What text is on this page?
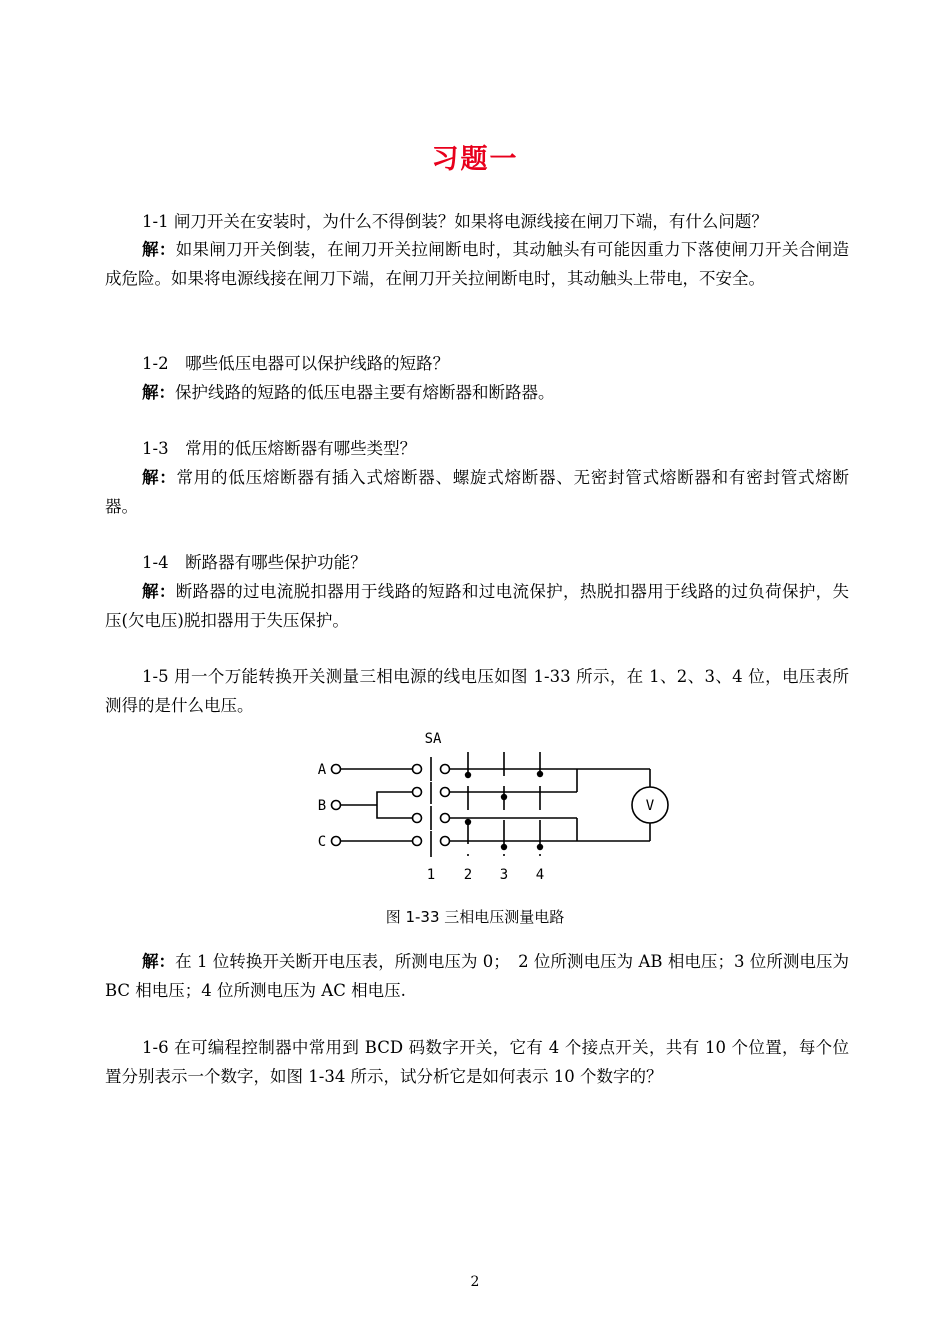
习题一
1-1 闸刀开关在安装时，为什么不得倒装？如果将电源线接在闸刀下端，有什么问题？
解：如果闸刀开关倒装，在闸刀开关拉闸断电时，其动触头有可能因重力下落使闸刀开关合闸造成危险。如果将电源线接在闸刀下端，在闸刀开关拉闸断电时，其动触头上带电，不安全。
1-2　哪些低压电器可以保护线路的短路？
解：保护线路的短路的低压电器主要有熔断器和断路器。
1-3　常用的低压熔断器有哪些类型？
解：常用的低压熔断器有插入式熔断器、螺旋式熔断器、无密封管式熔断器和有密封管式熔断器。
1-4　断路器有哪些保护功能？
解：断路器的过电流脱扣器用于线路的短路和过电流保护，热脱扣器用于线路的过负荷保护，失压(欠电压)脱扣器用于失压保护。
1-5 用一个万能转换开关测量三相电源的线电压如图 1-33 所示，在 1、2、3、4 位，电压表所测得的是什么电压。
SA
A
B
C
V
1 2 3 4
图 1-33 三相电压测量电路
解：在 1 位转换开关断开电压表，所测电压为 0；　2 位所测电压为 AB 相电压；3 位所测电压为 BC 相电压；4 位所测电压为 AC 相电压.
1-6 在可编程控制器中常用到 BCD 码数字开关，它有 4 个接点开关，共有 10 个位置，每个位置分别表示一个数字，如图 1-34 所示，试分析它是如何表示 10 个数字的？
2
